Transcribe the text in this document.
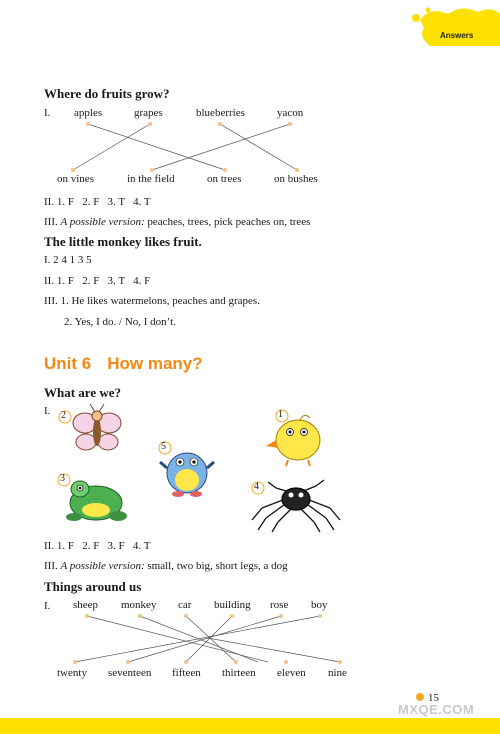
Answers
Where do fruits grow?
I. apples	grapes	blueberries	yacon
on vines	in the field	on trees	on bushes
II. 1. F   2. F   3. T   4. T
III. A possible version: peaches, trees, pick peaches on, trees
The little monkey likes fruit.
I. 2 4 1 3 5
II. 1. F   2. F   3. T   4. F
III. 1. He likes watermelons, peaches and grapes.
2. Yes, I do. / No, I don’t.
Unit 6 How many?
What are we?
I. 2	1
5
3
4
II. 1. F   2. F   3. F   4. T
III. A possible version: small, two big, short legs, a dog
Things around us
I. sheep monkey car building rose boy
twenty seventeen fifteen thirteen eleven nine
15
MXQE.COM
